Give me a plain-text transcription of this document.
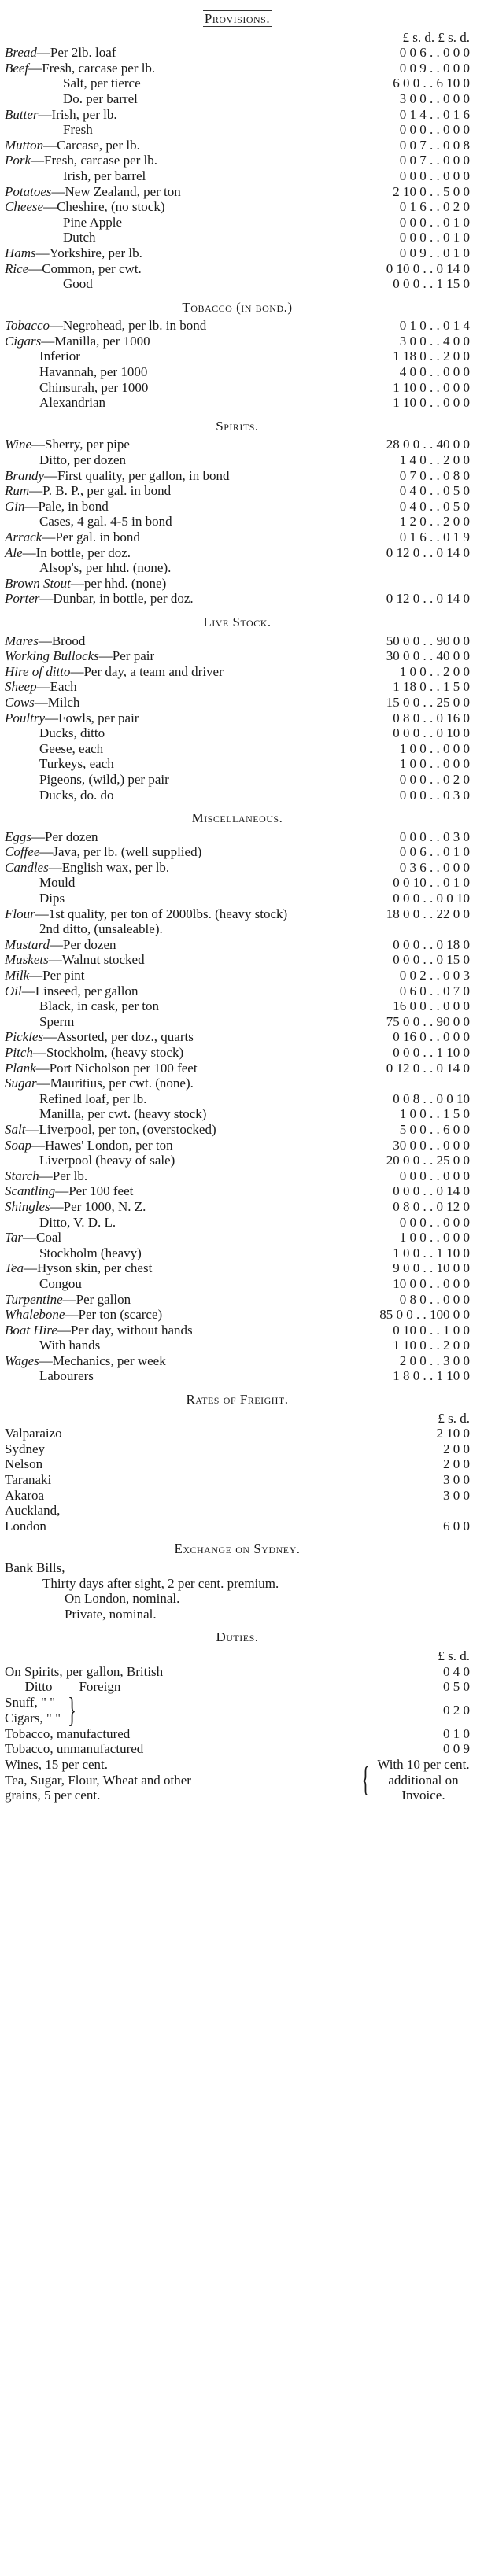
Provisions.
£ s. d. £ s. d.
Bread—Per 2lb. loaf	0 0 6 . . 0 0 0
Beef—Fresh, carcase per lb.	0 0 9 . . 0 0 0
Salt, per tierce	6 0 0 . . 6 10 0
Do. per barrel	3 0 0 . . 0 0 0
Butter—Irish, per lb.	0 1 4 . . 0 1 6
Fresh	0 0 0 . . 0 0 0
Mutton—Carcase, per lb.	0 0 7 . . 0 0 8
Pork—Fresh, carcase per lb.	0 0 7 . . 0 0 0
Irish, per barrel	0 0 0 . . 0 0 0
Potatoes—New Zealand, per ton	2 10 0 . . 5 0 0
Cheese—Cheshire, (no stock)	0 1 6 . . 0 2 0
Pine Apple	0 0 0 . . 0 1 0
Dutch	0 0 0 . . 0 1 0
Hams—Yorkshire, per lb.	0 0 9 . . 0 1 0
Rice—Common, per cwt.	0 10 0 . . 0 14 0
Good	0 0 0 . . 1 15 0
Tobacco (in bond.)
Tobacco—Negrohead, per lb. in bond	0 1 0 . . 0 1 4
Cigars—Manilla, per 1000	3 0 0 . . 4 0 0
Inferior	1 18 0 . . 2 0 0
Havannah, per 1000	4 0 0 . . 0 0 0
Chinsurah, per 1000	1 10 0 . . 0 0 0
Alexandrian	1 10 0 . . 0 0 0
Spirits.
Wine—Sherry, per pipe	28 0 0 . . 40 0 0
Ditto, per dozen	1 4 0 . . 2 0 0
Brandy—First quality, per gallon, in bond	0 7 0 . . 0 8 0
Rum—P. B. P., per gal. in bond	0 4 0 . . 0 5 0
Gin—Pale, in bond	0 4 0 . . 0 5 0
Cases, 4 gal. 4-5 in bond	1 2 0 . . 2 0 0
Arrack—Per gal. in bond	0 1 6 . . 0 1 9
Ale—In bottle, per doz.	0 12 0 . . 0 14 0
Alsop's, per hhd. (none).
Brown Stout—per hhd. (none)
Porter—Dunbar, in bottle, per doz.	0 12 0 . . 0 14 0
Live Stock.
Mares—Brood	50 0 0 . . 90 0 0
Working Bullocks—Per pair	30 0 0 . . 40 0 0
Hire of ditto—Per day, a team and driver	1 0 0 . . 2 0 0
Sheep—Each	1 18 0 . . 1 5 0
Cows—Milch	15 0 0 . . 25 0 0
Poultry—Fowls, per pair	0 8 0 . . 0 16 0
Ducks, ditto	0 0 0 . . 0 10 0
Geese, each	1 0 0 . . 0 0 0
Turkeys, each	1 0 0 . . 0 0 0
Pigeons, (wild,) per pair	0 0 0 . . 0 2 0
Ducks, do. do	0 0 0 . . 0 3 0
Miscellaneous.
Eggs—Per dozen	0 0 0 . . 0 3 0
Coffee—Java, per lb. (well supplied)	0 0 6 . . 0 1 0
Candles—English wax, per lb.	0 3 6 . . 0 0 0
Mould	0 0 10 . . 0 1 0
Dips	0 0 0 . . 0 0 10
Flour—1st quality, per ton of 2000lbs. (heavy stock)	18 0 0 . . 22 0 0
2nd ditto, (unsaleable).
Mustard—Per dozen	0 0 0 . . 0 18 0
Muskets—Walnut stocked	0 0 0 . . 0 15 0
Milk—Per pint	0 0 2 . . 0 0 3
Oil—Linseed, per gallon	0 6 0 . . 0 7 0
Black, in cask, per ton	16 0 0 . . 0 0 0
Sperm	75 0 0 . . 90 0 0
Pickles—Assorted, per doz., quarts	0 16 0 . . 0 0 0
Pitch—Stockholm, (heavy stock)	0 0 0 . . 1 10 0
Plank—Port Nicholson per 100 feet	0 12 0 . . 0 14 0
Sugar—Mauritius, per cwt. (none).
Refined loaf, per lb.	0 0 8 . . 0 0 10
Manilla, per cwt. (heavy stock)	1 0 0 . . 1 5 0
Salt—Liverpool, per ton, (overstocked)	5 0 0 . . 6 0 0
Soap—Hawes' London, per ton	30 0 0 . . 0 0 0
Liverpool (heavy of sale)	20 0 0 . . 25 0 0
Starch—Per lb.	0 0 0 . . 0 0 0
Scantling—Per 100 feet	0 0 0 . . 0 14 0
Shingles—Per 1000, N. Z.	0 8 0 . . 0 12 0
Ditto, V. D. L.	0 0 0 . . 0 0 0
Tar—Coal	1 0 0 . . 0 0 0
Stockholm (heavy)	1 0 0 . . 1 10 0
Tea—Hyson skin, per chest	9 0 0 . . 10 0 0
Congou	10 0 0 . . 0 0 0
Turpentine—Per gallon	0 8 0 . . 0 0 0
Whalebone—Per ton (scarce)	85 0 0 . . 100 0 0
Boat Hire—Per day, without hands	0 10 0 . . 1 0 0
With hands	1 10 0 . . 2 0 0
Wages—Mechanics, per week	2 0 0 . . 3 0 0
Labourers	1 8 0 . . 1 10 0
Rates of Freight.
£ s. d.
Valparaizo	2 10 0
Sydney	2 0 0
Nelson	2 0 0
Taranaki	3 0 0
Akaroa	3 0 0
Auckland,
London	6 0 0
Exchange on Sydney.
Bank Bills,
Thirty days after sight, 2 per cent. premium.
On London, nominal.
Private, nominal.
Duties.
£ s. d.
On Spirits, per gallon, British	0 4 0
Ditto        Foreign	0 5 0
Snuff, " "
Cigars, " " }	0 2 0
Tobacco, manufactured	0 1 0
Tobacco, unmanufactured	0 0 9
Wines, 15 per cent.
Tea, Sugar, Flour, Wheat and other
grains, 5 per cent.	{ With 10 per cent.
additional on
Invoice.
